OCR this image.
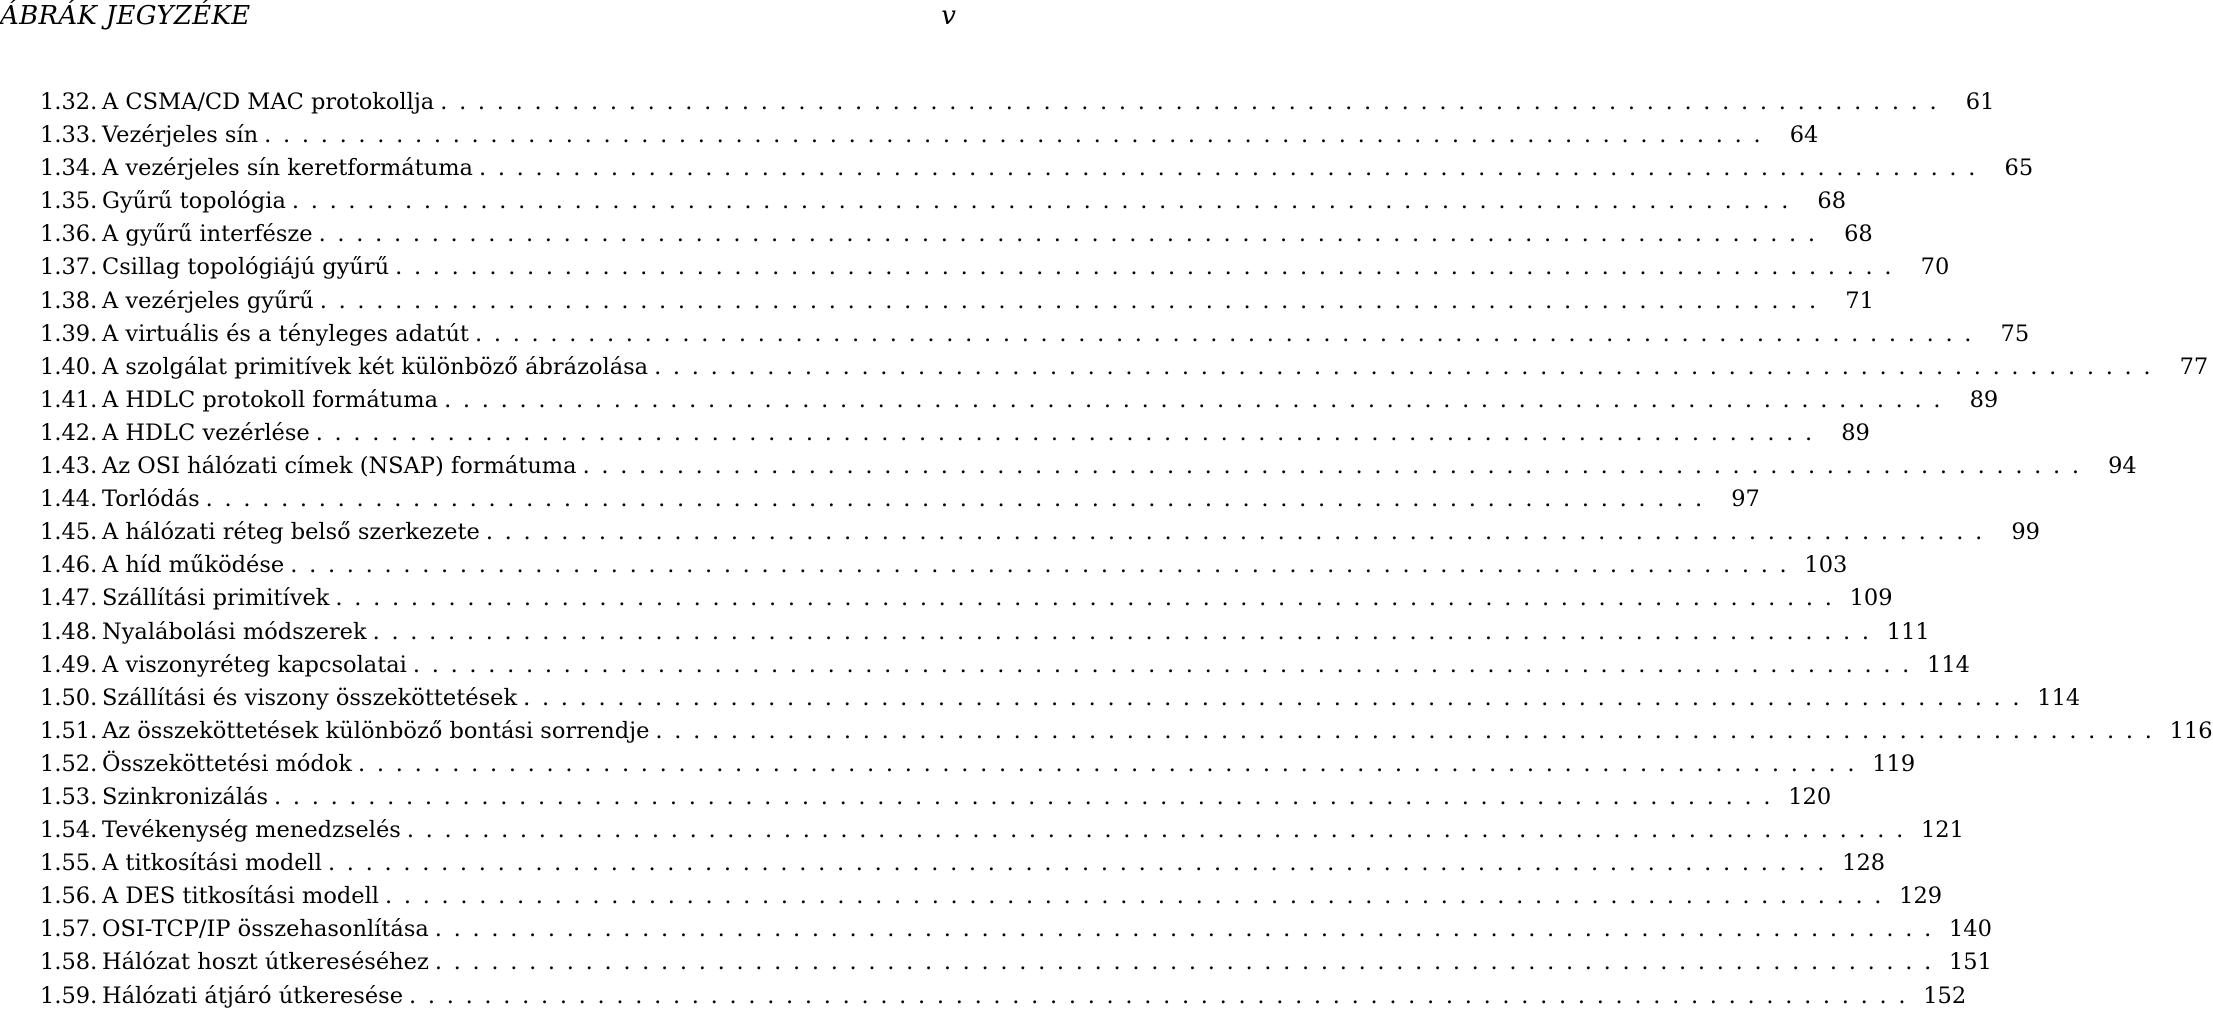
ÁBRÁK JEGYZÉKE	v
1.32. A CSMA/CD MAC protokollja ................................................................................ 61
1.33. Vezérjeles sín ................................................................................ 64
1.34. A vezérjeles sín keretformátuma ................................................................................ 65
1.35. Gyűrű topológia ................................................................................ 68
1.36. A gyűrű interfésze ................................................................................ 68
1.37. Csillag topológiájú gyűrű ................................................................................ 70
1.38. A vezérjeles gyűrű ................................................................................ 71
1.39. A virtuális és a tényleges adatút ................................................................................ 75
1.40. A szolgálat primitívek két különböző ábrázolása ................................................................................ 77
1.41. A HDLC protokoll formátuma ................................................................................ 89
1.42. A HDLC vezérlése ................................................................................ 89
1.43. Az OSI hálózati címek (NSAP) formátuma ................................................................................ 94
1.44. Torlódás ................................................................................ 97
1.45. A hálózati réteg belső szerkezete ................................................................................ 99
1.46. A híd működése ................................................................................ 103
1.47. Szállítási primitívek ................................................................................ 109
1.48. Nyalábolási módszerek ................................................................................ 111
1.49. A viszonyréteg kapcsolatai ................................................................................ 114
1.50. Szállítási és viszony összeköttetések ................................................................................ 114
1.51. Az összeköttetések különböző bontási sorrendje ................................................................................ 116
1.52. Összeköttetési módok ................................................................................ 119
1.53. Szinkronizálás ................................................................................ 120
1.54. Tevékenység menedzselés ................................................................................ 121
1.55. A titkosítási modell ................................................................................ 128
1.56. A DES titkosítási modell ................................................................................ 129
1.57. OSI-TCP/IP összehasonlítása ................................................................................ 140
1.58. Hálózat hoszt útkereséséhez ................................................................................ 151
1.59. Hálózati átjáró útkeresése ................................................................................ 152
